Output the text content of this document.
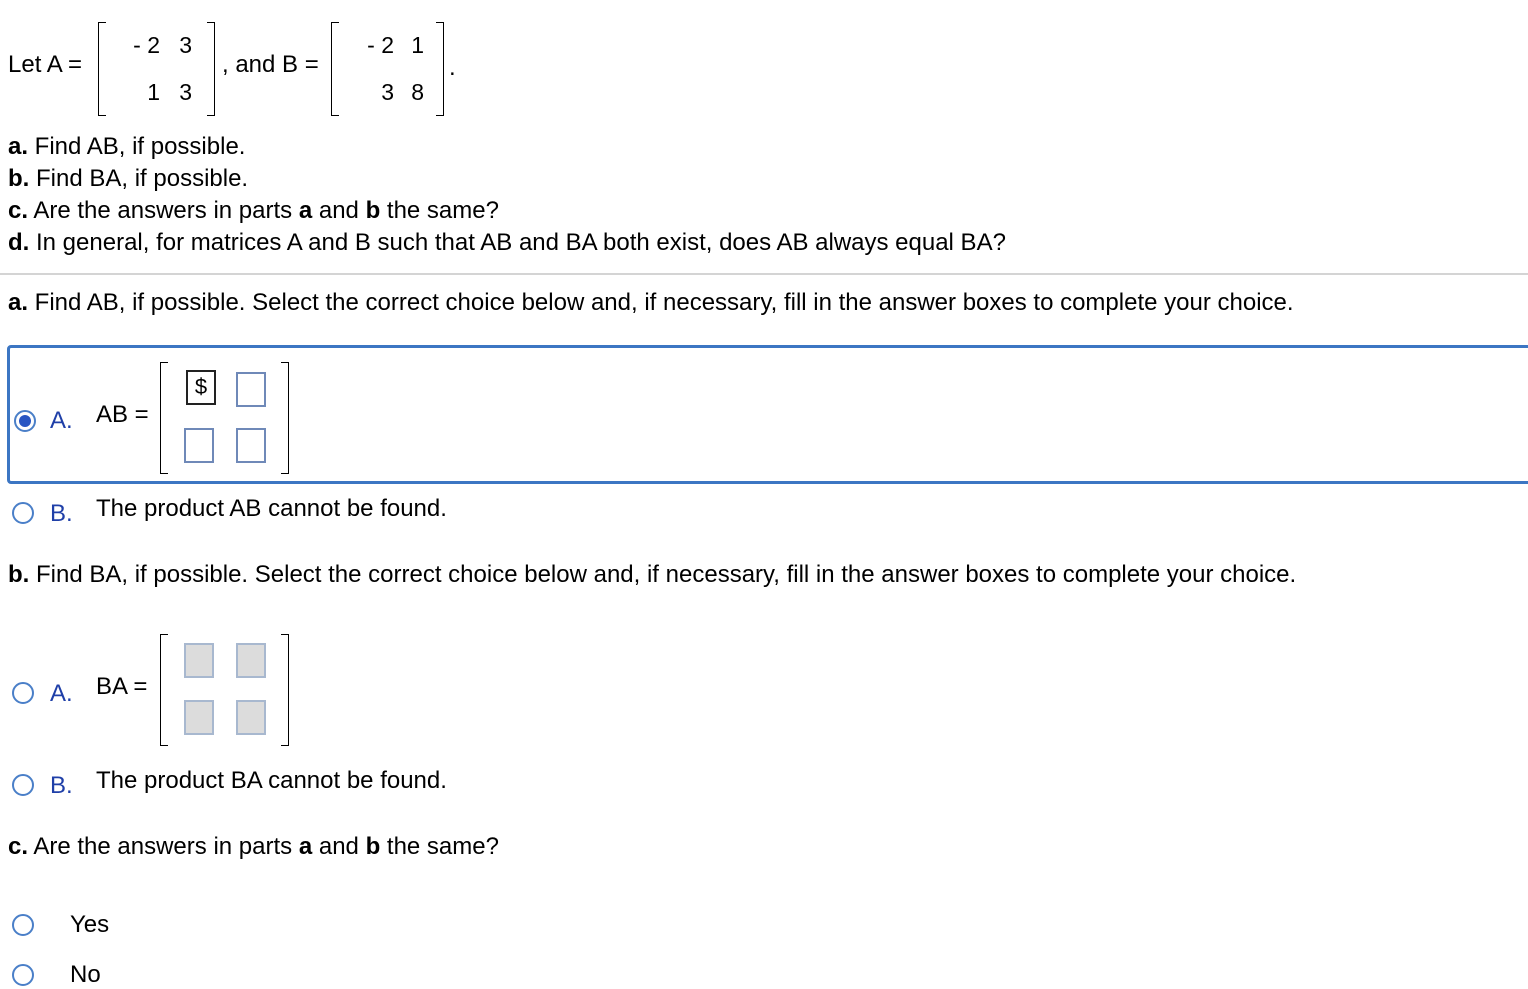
Let A =
- 2 3
1 3
, and B =
- 2 1
3 8
.
a. Find AB, if possible.
b. Find BA, if possible.
c. Are the answers in parts a and b the same?
d. In general, for matrices A and B such that AB and BA both exist, does AB always equal BA?
a. Find AB, if possible. Select the correct choice below and, if necessary, fill in the answer boxes to complete your choice.
A. AB =
$
B. The product AB cannot be found.
b. Find BA, if possible. Select the correct choice below and, if necessary, fill in the answer boxes to complete your choice.
A. BA =
B. The product BA cannot be found.
c. Are the answers in parts a and b the same?
Yes
No
